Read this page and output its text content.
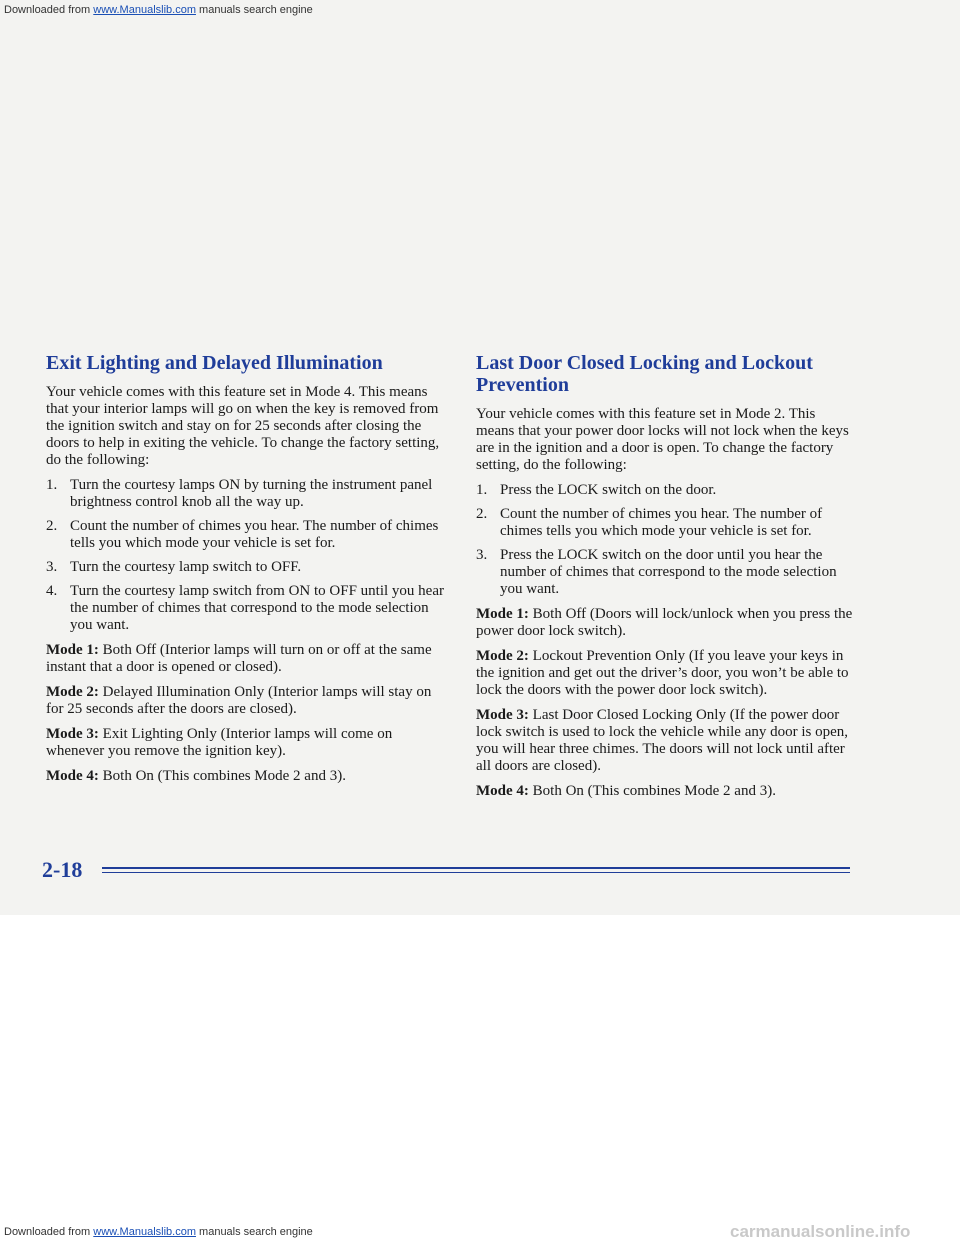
Exit Lighting and Delayed Illumination

Your vehicle comes with this feature set in Mode 4. This means that your interior lamps will go on when the key is removed from the ignition switch and stay on for 25 seconds after closing the doors to help in exiting the vehicle. To change the factory setting, do the following:

1. Turn the courtesy lamps ON by turning the instrument panel brightness control knob all the way up.
2. Count the number of chimes you hear. The number of chimes tells you which mode your vehicle is set for.
3. Turn the courtesy lamp switch to OFF.
4. Turn the courtesy lamp switch from ON to OFF until you hear the number of chimes that correspond to the mode selection you want.
Mode 1: Both Off (Interior lamps will turn on or off at the same instant that a door is opened or closed).
Mode 2: Delayed Illumination Only (Interior lamps will stay on for 25 seconds after the doors are closed).
Mode 3: Exit Lighting Only (Interior lamps will come on whenever you remove the ignition key).
Mode 4: Both On (This combines Mode 2 and 3).
Last Door Closed Locking and Lockout Prevention

Your vehicle comes with this feature set in Mode 2. This means that your power door locks will not lock when the keys are in the ignition and a door is open. To change the factory setting, do the following:

1. Press the LOCK switch on the door.
2. Count the number of chimes you hear. The number of chimes tells you which mode your vehicle is set for.
3. Press the LOCK switch on the door until you hear the number of chimes that correspond to the mode selection you want.
Mode 1: Both Off (Doors will lock/unlock when you press the power door lock switch).
Mode 2: Lockout Prevention Only (If you leave your keys in the ignition and get out the driver’s door, you won’t be able to lock the doors with the power door lock switch).
Mode 3: Last Door Closed Locking Only (If the power door lock switch is used to lock the vehicle while any door is open, you will hear three chimes. The doors will not lock until after all doors are closed).
Mode 4: Both On (This combines Mode 2 and 3).
2-18
Downloaded from www.Manualslib.com manuals search engine
Downloaded from www.Manualslib.com manuals search engine	carmanualsonline.info
